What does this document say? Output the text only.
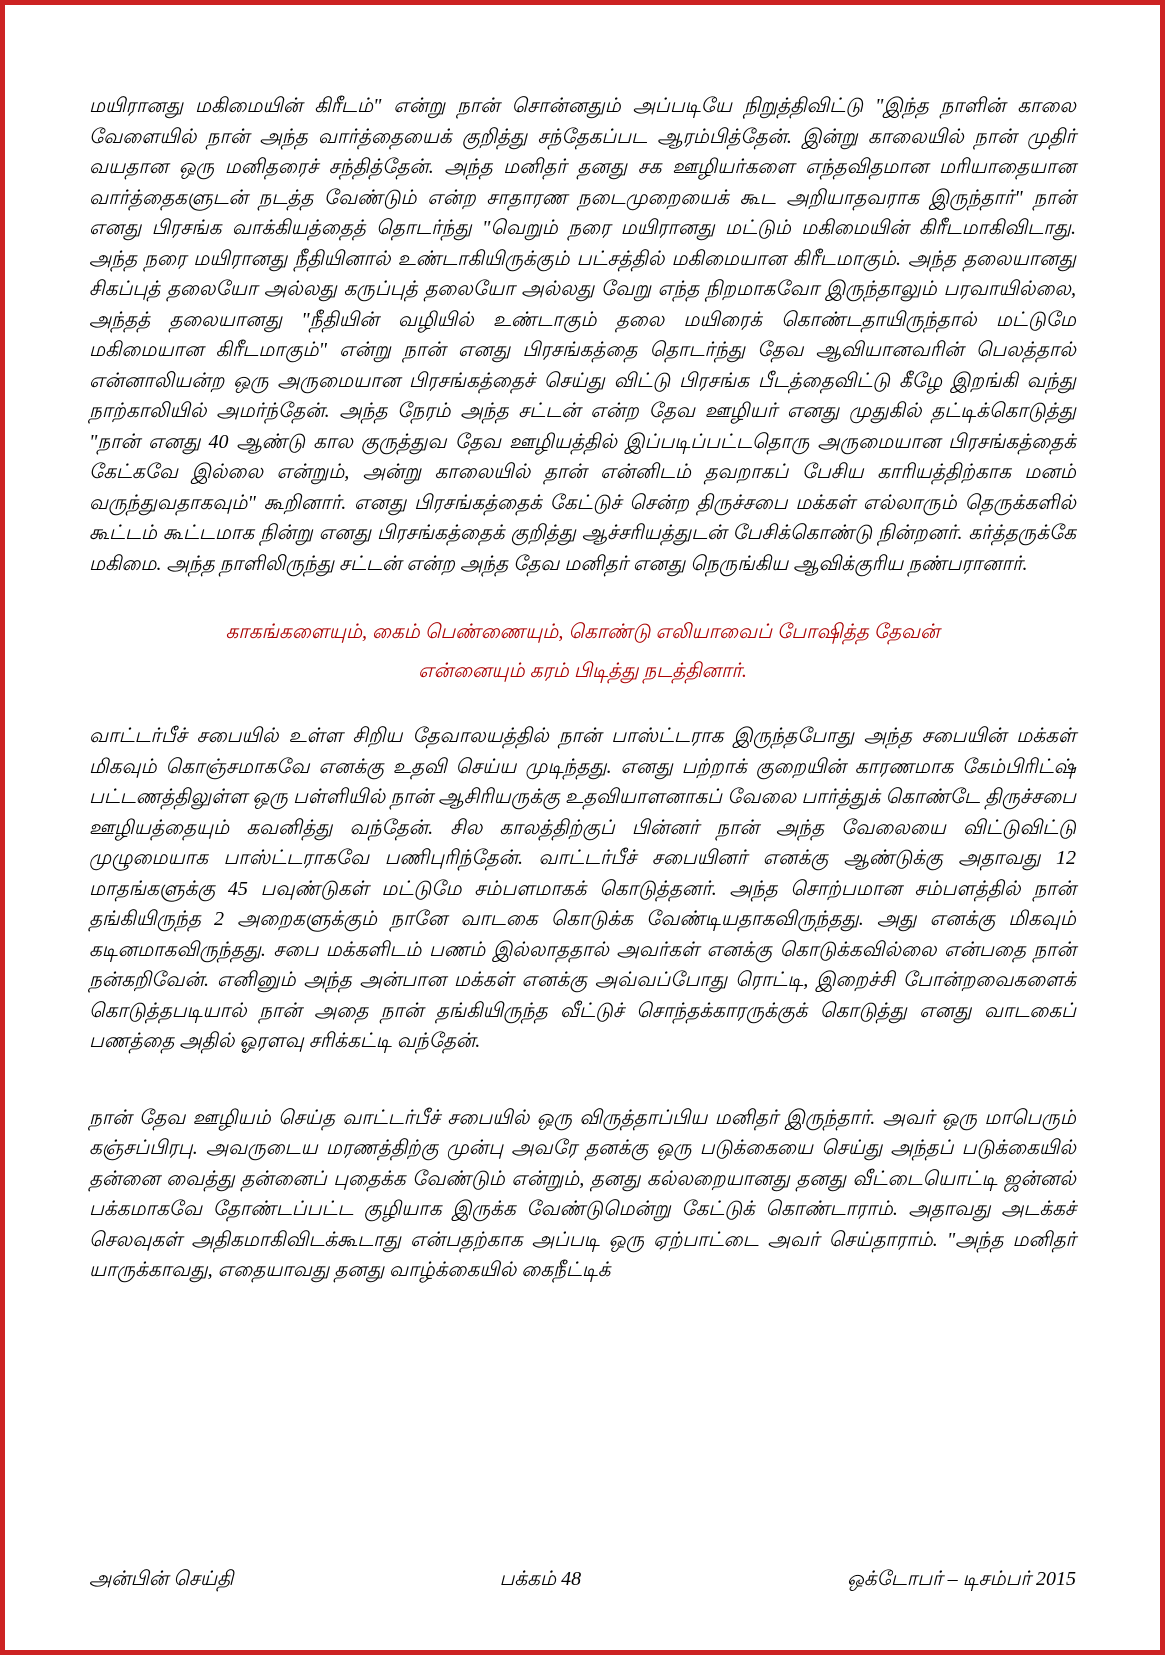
மயிரானது மகிமையின் கிரீடம்" என்று நான் சொன்னதும் அப்படியே நிறுத்திவிட்டு "இந்த நாளின் காலை வேளையில் நான் அந்த வார்த்தையைக் குறித்து சந்தேகப்பட ஆரம்பித்தேன். இன்று காலையில் நான் முதிர் வயதான ஒரு மனிதரைச் சந்தித்தேன். அந்த மனிதர் தனது சக ஊழியர்களை எந்தவிதமான மரியாதையான வார்த்தைகளுடன் நடத்த வேண்டும் என்ற சாதாரண நடைமுறையைக் கூட அறியாதவராக இருந்தார்" நான் எனது பிரசங்க வாக்கியத்தைத் தொடர்ந்து "வெறும் நரை மயிரானது மட்டும் மகிமையின் கிரீடமாகிவிடாது. அந்த நரை மயிரானது நீதியினால் உண்டாகியிருக்கும் பட்சத்தில் மகிமையான கிரீடமாகும். அந்த தலையானது சிகப்புத் தலையோ அல்லது கருப்புத் தலையோ அல்லது வேறு எந்த நிறமாகவோ இருந்தாலும் பரவாயில்லை, அந்தத் தலையானது "நீதியின் வழியில் உண்டாகும் தலை மயிரைக் கொண்டதாயிருந்தால் மட்டுமே மகிமையான கிரீடமாகும்" என்று நான் எனது பிரசங்கத்தை தொடர்ந்து தேவ ஆவியானவரின் பெலத்தால் என்னாலியன்ற ஒரு அருமையான பிரசங்கத்தைச் செய்து விட்டு பிரசங்க பீடத்தைவிட்டு கீழே இறங்கி வந்து நாற்காலியில் அமர்ந்தேன். அந்த நேரம் அந்த சட்டன் என்ற தேவ ஊழியர் எனது முதுகில் தட்டிக்கொடுத்து "நான் எனது 40 ஆண்டு கால குருத்துவ தேவ ஊழியத்தில் இப்படிப்பட்டதொரு அருமையான பிரசங்கத்தைக் கேட்கவே இல்லை என்றும், அன்று காலையில் தான் என்னிடம் தவறாகப் பேசிய காரியத்திற்காக மனம் வருந்துவதாகவும்" கூறினார். எனது பிரசங்கத்தைக் கேட்டுச் சென்ற திருச்சபை மக்கள் எல்லாரும் தெருக்களில் கூட்டம் கூட்டமாக நின்று எனது பிரசங்கத்தைக் குறித்து ஆச்சரியத்துடன் பேசிக்கொண்டு நின்றனர். கர்த்தருக்கே மகிமை. அந்த நாளிலிருந்து சட்டன் என்ற அந்த தேவ மனிதர் எனது நெருங்கிய ஆவிக்குரிய நண்பரானார்.

காகங்களையும், கைம் பெண்ணையும், கொண்டு எலியாவைப் போஷித்த தேவன்
என்னையும் கரம் பிடித்து நடத்தினார்.

வாட்டர்பீச் சபையில் உள்ள சிறிய தேவாலயத்தில் நான் பாஸ்ட்டராக இருந்தபோது அந்த சபையின் மக்கள் மிகவும் கொஞ்சமாகவே எனக்கு உதவி செய்ய முடிந்தது. எனது பற்றாக் குறையின் காரணமாக கேம்பிரிட்ஷ் பட்டணத்திலுள்ள ஒரு பள்ளியில் நான் ஆசிரியருக்கு உதவியாளனாகப் வேலை பார்த்துக் கொண்டே திருச்சபை ஊழியத்தையும் கவனித்து வந்தேன். சில காலத்திற்குப் பின்னர் நான் அந்த வேலையை விட்டுவிட்டு முழுமையாக பாஸ்ட்டராகவே பணிபுரிந்தேன். வாட்டர்பீச் சபையினர் எனக்கு ஆண்டுக்கு அதாவது 12 மாதங்களுக்கு 45 பவுண்டுகள் மட்டுமே சம்பளமாகக் கொடுத்தனர். அந்த சொற்பமான சம்பளத்தில் நான் தங்கியிருந்த 2 அறைகளுக்கும் நானே வாடகை கொடுக்க வேண்டியதாகவிருந்தது. அது எனக்கு மிகவும் கடினமாகவிருந்தது. சபை மக்களிடம் பணம் இல்லாததால் அவர்கள் எனக்கு கொடுக்கவில்லை என்பதை நான் நன்கறிவேன். எனினும் அந்த அன்பான மக்கள் எனக்கு அவ்வப்போது ரொட்டி, இறைச்சி போன்றவைகளைக் கொடுத்தபடியால் நான் அதை நான் தங்கியிருந்த வீட்டுச் சொந்தக்காரருக்குக் கொடுத்து எனது வாடகைப் பணத்தை அதில் ஓரளவு சரிக்கட்டி வந்தேன்.

நான் தேவ ஊழியம் செய்த வாட்டர்பீச் சபையில் ஒரு விருத்தாப்பிய மனிதர் இருந்தார். அவர் ஒரு மாபெரும் கஞ்சப்பிரபு. அவருடைய மரணத்திற்கு முன்பு அவரே தனக்கு ஒரு படுக்கையை செய்து அந்தப் படுக்கையில் தன்னை வைத்து தன்னைப் புதைக்க வேண்டும் என்றும், தனது கல்லறையானது தனது வீட்டையொட்டி ஜன்னல் பக்கமாகவே தோண்டப்பட்ட குழியாக இருக்க வேண்டுமென்று கேட்டுக் கொண்டாராம். அதாவது அடக்கச் செலவுகள் அதிகமாகிவிடக்கூடாது என்பதற்காக அப்படி ஒரு ஏற்பாட்டை அவர் செய்தாராம். "அந்த மனிதர் யாருக்காவது, எதையாவது தனது வாழ்க்கையில் கைநீட்டிக்

அன்பின் செய்தி	பக்கம் 48	ஒக்டோபர் – டிசம்பர் 2015
